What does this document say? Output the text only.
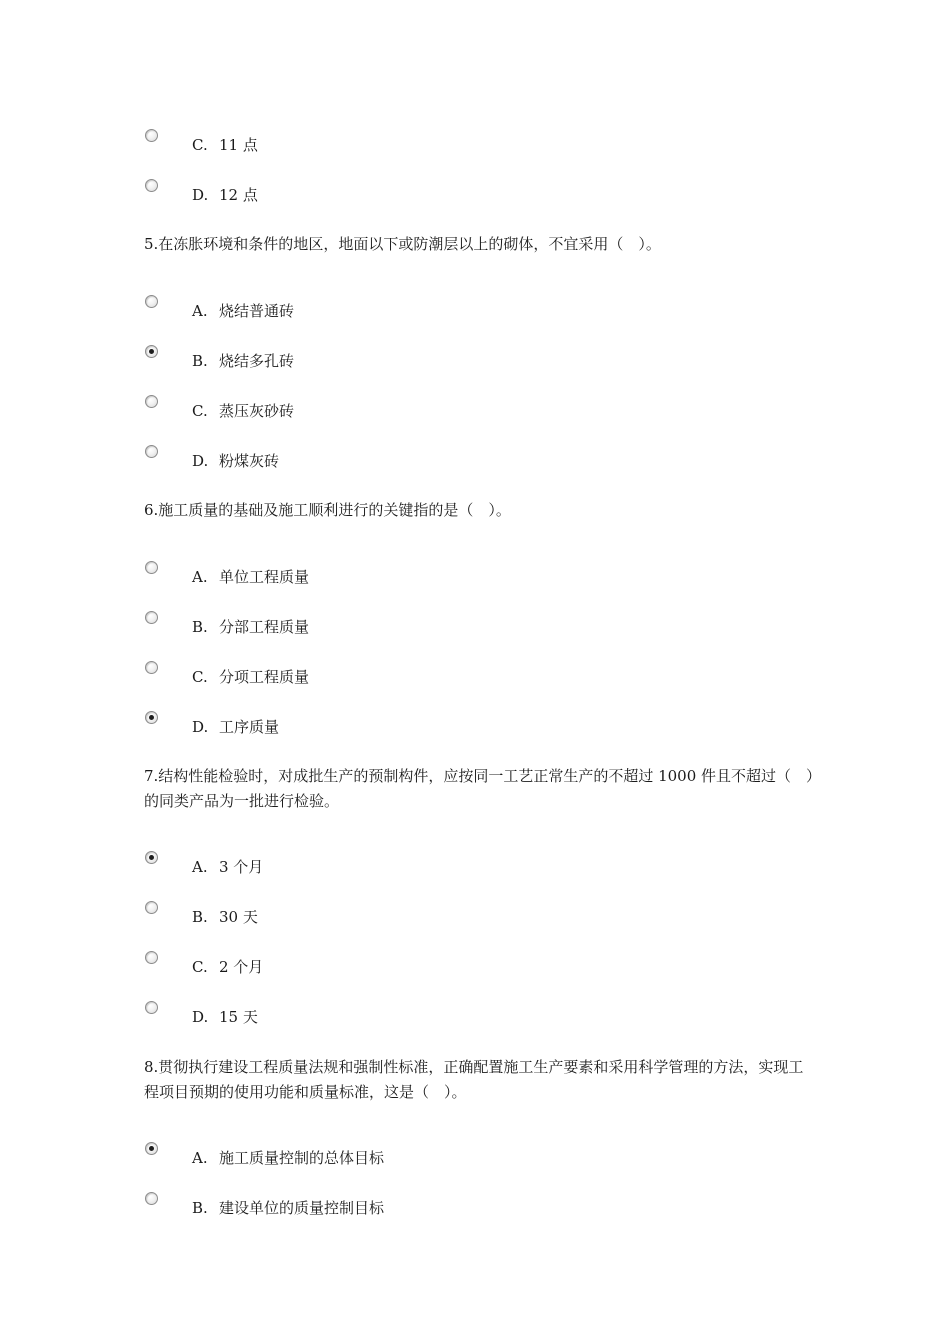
C. 11 点
D. 12 点
5.在冻胀环境和条件的地区，地面以下或防潮层以上的砌体，不宜采用（　）。
A. 烧结普通砖
B. 烧结多孔砖
C. 蒸压灰砂砖
D. 粉煤灰砖
6.施工质量的基础及施工顺利进行的关键指的是（　）。
A. 单位工程质量
B. 分部工程质量
C. 分项工程质量
D. 工序质量
7.结构性能检验时，对成批生产的预制构件，应按同一工艺正常生产的不超过 1000 件且不超过（　）的同类产品为一批进行检验。
A. 3 个月
B. 30 天
C. 2 个月
D. 15 天
8.贯彻执行建设工程质量法规和强制性标准，正确配置施工生产要素和采用科学管理的方法，实现工程项目预期的使用功能和质量标准，这是（　）。
A. 施工质量控制的总体目标
B. 建设单位的质量控制目标
